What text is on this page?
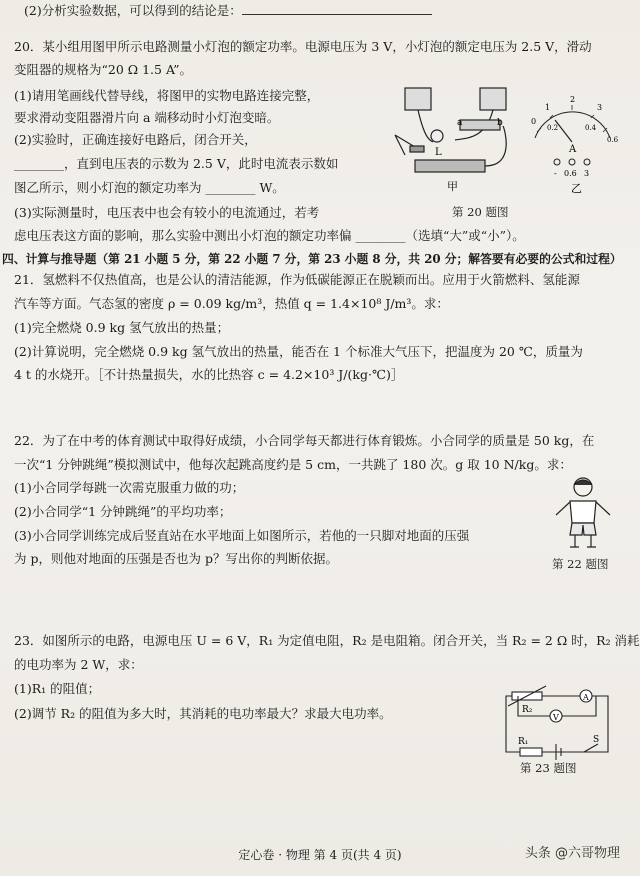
(2)分析实验数据，可以得到的结论是：
20．某小组用图甲所示电路测量小灯泡的额定功率。电源电压为 3 V，小灯泡的额定电压为 2.5 V，滑动
变阻器的规格为“20 Ω 1.5 A”。
(1)请用笔画线代替导线，将图甲的实物电路连接完整，
要求滑动变阻器滑片向 a 端移动时小灯泡变暗。
(2)实验时，正确连接好电路后，闭合开关，
________，直到电压表的示数为 2.5 V，此时电流表示数如
图乙所示，则小灯泡的额定功率为 ________ W。
(3)实际测量时，电压表中也会有较小的电流通过，若考
虑电压表这方面的影响，那么实验中测出小灯泡的额定功率偏 ________（选填“大”或“小”）。
四、计算与推导题（第 21 小题 5 分，第 22 小题 7 分，第 23 小题 8 分，共 20 分；解答要有必要的公式和过程）
21．氢燃料不仅热值高，也是公认的清洁能源，作为低碳能源正在脱颖而出。应用于火箭燃料、氢能源
汽车等方面。气态氢的密度 ρ = 0.09 kg/m³，热值 q = 1.4×10⁸ J/m³。求：
(1)完全燃烧 0.9 kg 氢气放出的热量；
(2)计算说明，完全燃烧 0.9 kg 氢气放出的热量，能否在 1 个标准大气压下，把温度为 20 ℃，质量为
4 t 的水烧开。［不计热量损失，水的比热容 c = 4.2×10³ J/(kg·℃)］
22．为了在中考的体育测试中取得好成绩，小合同学每天都进行体育锻炼。小合同学的质量是 50 kg，在
一次“1 分钟跳绳”模拟测试中，他每次起跳高度约是 5 cm，一共跳了 180 次。g 取 10 N/kg。求：
(1)小合同学每跳一次需克服重力做的功；
(2)小合同学“1 分钟跳绳”的平均功率；
(3)小合同学训练完成后竖直站在水平地面上如图所示，若他的一只脚对地面的压强
为 p，则他对地面的压强是否也为 p？写出你的判断依据。
23．如图所示的电路，电源电压 U = 6 V，R₁ 为定值电阻，R₂ 是电阻箱。闭合开关，当 R₂ = 2 Ω 时，R₂ 消耗
的电功率为 2 W，求：
(1)R₁ 的阻值；
(2)调节 R₂ 的阻值为多大时，其消耗的电功率最大？求最大电功率。
L
a	b
甲
0
1
2
3
0.2	0.4
0.6
A
- 0.6 3
乙
第 20 题图
第 22 题图
A
V
R₂
R₁	S
第 23 题图
定心卷 · 物理 第 4 页(共 4 页)	头条 @六哥物理
